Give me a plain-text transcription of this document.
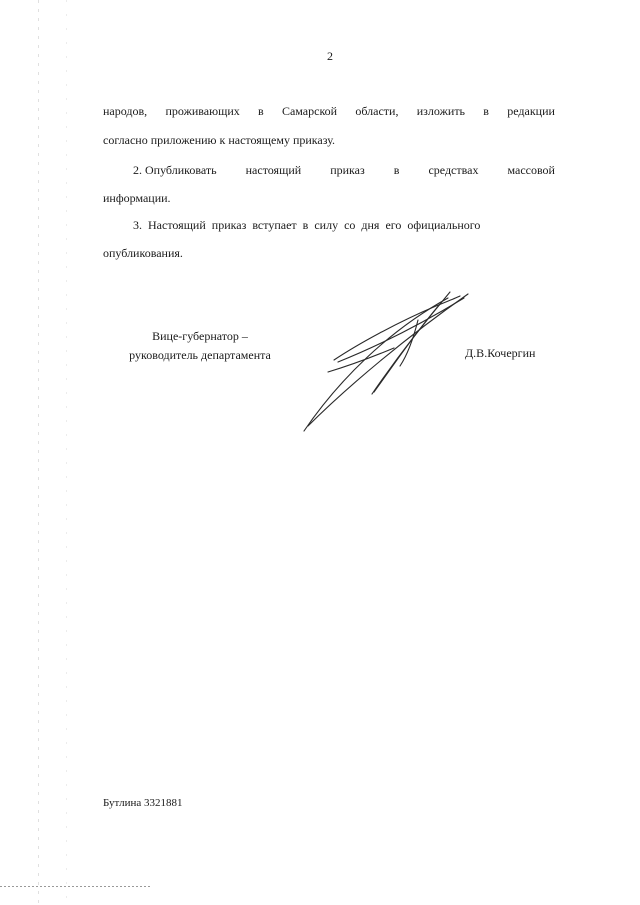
2
народов, проживающих в Самарской области, изложить в редакции
согласно приложению к настоящему приказу.
2. Опубликовать настоящий приказ в средствах массовой
информации.
3. Настоящий приказ вступает в силу со дня его официального
опубликования.
Вице-губернатор –
руководитель департамента	Д.В.Кочергин
Бутлина 3321881
